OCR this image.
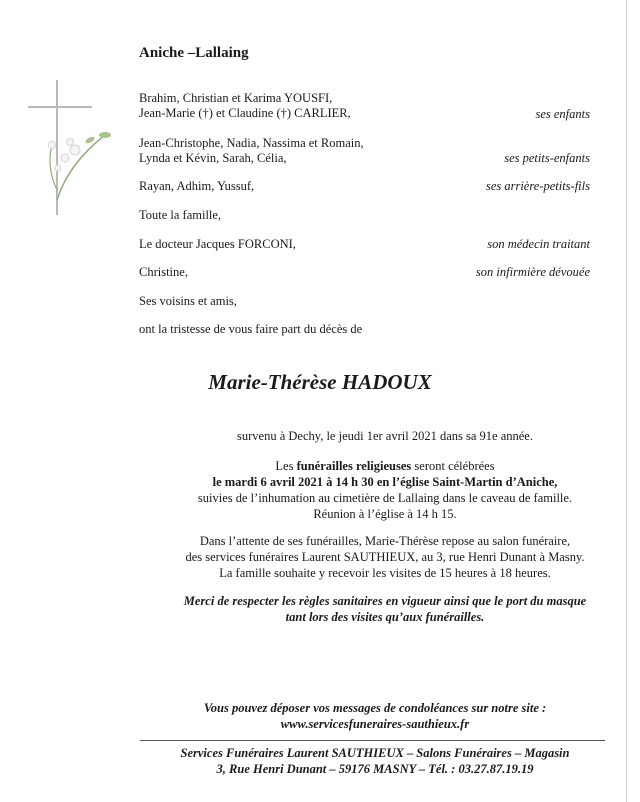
Aniche –Lallaing
Brahim, Christian et Karima YOUSFI,
Jean-Marie (†) et Claudine (†) CARLIER,	ses enfants
Jean-Christophe, Nadia, Nassima et Romain,
Lynda et Kévin, Sarah, Célia,	ses petits-enfants
Rayan, Adhim, Yussuf,	ses arrière-petits-fils
Toute la famille,
Le docteur Jacques FORCONI,	son médecin traitant
Christine,	son infirmière dévouée
Ses voisins et amis,
ont la tristesse de vous faire part du décès de
Marie-Thérèse HADOUX
survenu à Dechy, le jeudi 1er avril 2021 dans sa 91e année.
Les funérailles religieuses seront célébrées
le mardi 6 avril 2021 à 14 h 30 en l’église Saint-Martin d’Aniche,
suivies de l’inhumation au cimetière de Lallaing dans le caveau de famille.
Réunion à l’église à 14 h 15.
Dans l’attente de ses funérailles, Marie-Thérèse repose au salon funéraire,
des services funéraires Laurent SAUTHIEUX, au 3, rue Henri Dunant à Masny.
La famille souhaite y recevoir les visites de 15 heures à 18 heures.
Merci de respecter les règles sanitaires en vigueur ainsi que le port du masque
tant lors des visites qu’aux funérailles.
Vous pouvez déposer vos messages de condoléances sur notre site :
www.servicesfuneraires-sauthieux.fr
Services Funéraires Laurent SAUTHIEUX – Salons Funéraires – Magasin
3, Rue Henri Dunant – 59176 MASNY – Tél. : 03.27.87.19.19
